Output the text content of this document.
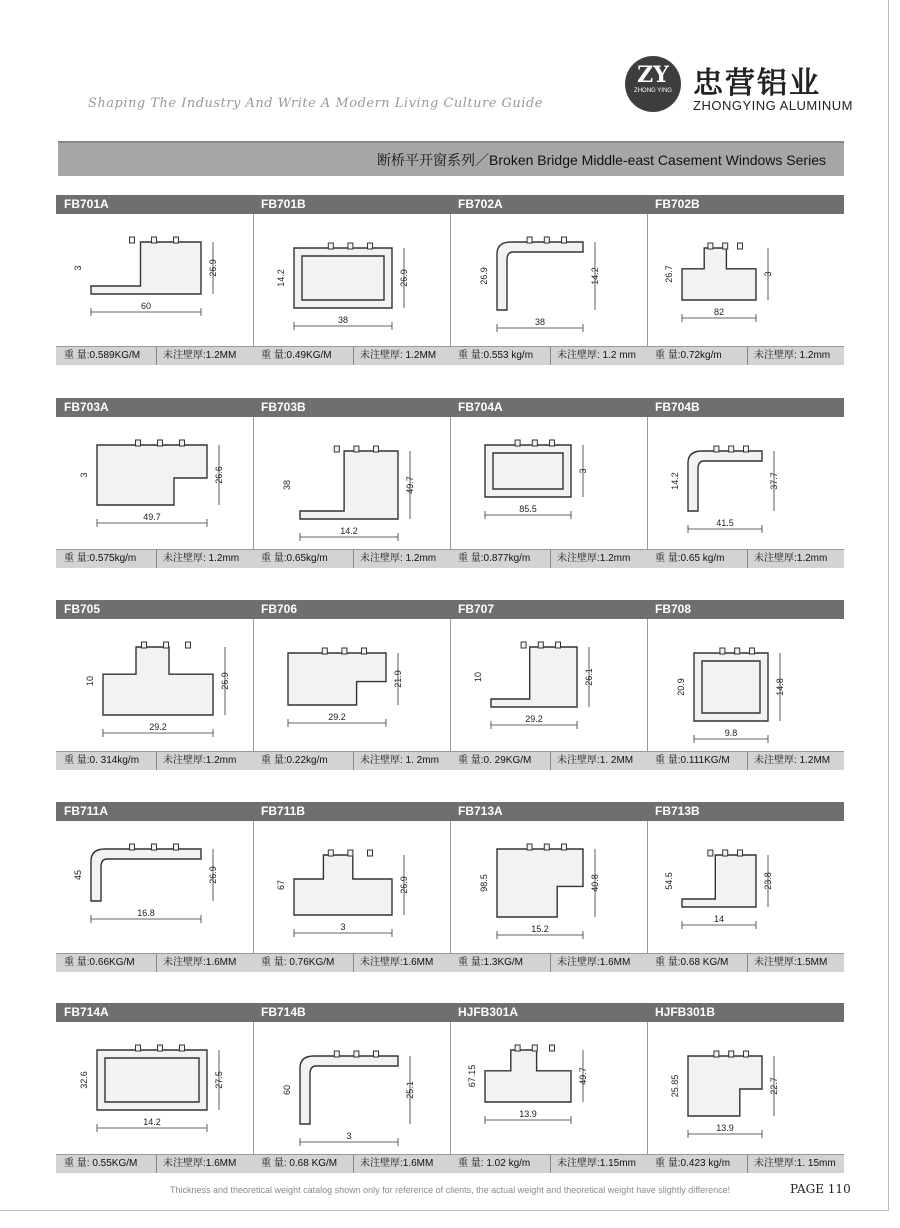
Shaping The Industry And Write A Modern Living Culture Guide
ZY
ZHONG YING 忠营铝业
ZHONGYING ALUMINUM
断桥平开窗系列／Broken Bridge Middle-east Casement Windows Series
FB701A
60
26.9
3
重 量:0.589KG/M	未注壁厚:1.2MM
FB701B
38
26.9
14.2
重 量:0.49KG/M	未注壁厚: 1.2MM
FB702A
38
14.2
26.9
重 量:0.553 kg/m	未注壁厚: 1.2 mm
FB702B
82
3
26.7
重 量:0.72kg/m	未注壁厚: 1.2mm
FB703A
49.7
26.6
3
重 量:0.575kg/m	未注壁厚: 1.2mm
FB703B
14.2
49.7
38
重 量:0.65kg/m	未注壁厚: 1.2mm
FB704A
85.5
3
重 量:0.877kg/m	未注壁厚:1.2mm
FB704B
41.5
37.7
14.2
重 量:0.65 kg/m	未注壁厚:1.2mm
FB705
29.2
26.9
10
重 量:0. 314kg/m	未注壁厚:1.2mm
FB706
29.2
21.9
重 量:0.22kg/m	未注壁厚: 1. 2mm
FB707
29.2
26.1
10
重 量:0. 29KG/M	未注壁厚:1. 2MM
FB708
9.8
14.8
20.9
重 量:0.111KG/M	未注壁厚: 1.2MM
FB711A
16.8
26.9
45
重 量:0.66KG/M	未注壁厚:1.6MM
FB711B
3
26.9
67
重 量: 0.76KG/M	未注壁厚:1.6MM
FB713A
15.2
40.8
98.5
重 量:1.3KG/M	未注壁厚:1.6MM
FB713B
14
23.8
54.5
重 量:0.68 KG/M	未注壁厚:1.5MM
FB714A
14.2
27.5
32.6
重 量: 0.55KG/M	未注壁厚:1.6MM
FB714B
3
25.1
60
重 量: 0.68 KG/M	未注壁厚:1.6MM
HJFB301A
13.9
49.7
67.15
重 量: 1.02 kg/m	未注壁厚:1.15mm
HJFB301B
13.9
22.7
25.85
重 量:0.423 kg/m	未注壁厚:1. 15mm
Thickness and theoretical weight catalog shown only for reference of clients, the actual weight and theoretical weight have slightly difference!	PAGE 110
